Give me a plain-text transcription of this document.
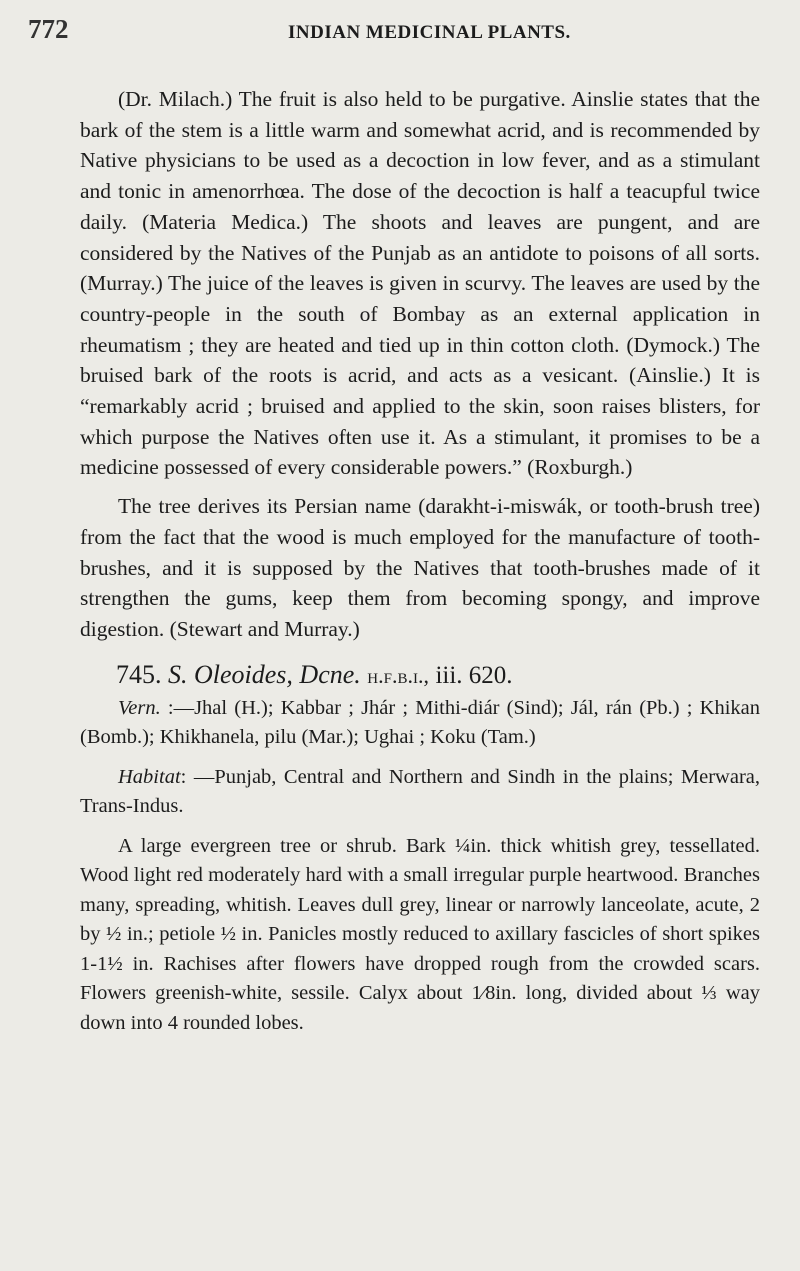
772	INDIAN MEDICINAL PLANTS.

(Dr. Milach.) The fruit is also held to be purgative. Ainslie states that the bark of the stem is a little warm and somewhat acrid, and is recommended by Native physicians to be used as a decoction in low fever, and as a stimulant and tonic in amenorrhœa. The dose of the decoction is half a teacupful twice daily. (Materia Medica.) The shoots and leaves are pungent, and are considered by the Natives of the Punjab as an antidote to poisons of all sorts. (Murray.) The juice of the leaves is given in scurvy. The leaves are used by the country-people in the south of Bombay as an external application in rheumatism ; they are heated and tied up in thin cotton cloth. (Dymock.) The bruised bark of the roots is acrid, and acts as a vesicant. (Ainslie.) It is “remarkably acrid ; bruised and applied to the skin, soon raises blisters, for which purpose the Natives often use it. As a stimulant, it promises to be a medicine possessed of every considerable powers.” (Roxburgh.)

The tree derives its Persian name (darakht-i-miswák, or tooth-brush tree) from the fact that the wood is much employed for the manufacture of tooth-brushes, and it is supposed by the Natives that tooth-brushes made of it strengthen the gums, keep them from becoming spongy, and improve digestion. (Stewart and Murray.)

745. S. Oleoides, Dcne. h.f.b.i., iii. 620.

Vern. :—Jhal (H.); Kabbar ; Jhár ; Mithi-diár (Sind); Jál, rán (Pb.) ; Khikan (Bomb.); Khikhanela, pilu (Mar.); Ughai ; Koku (Tam.)

Habitat: —Punjab, Central and Northern and Sindh in the plains; Merwara, Trans-Indus.

A large evergreen tree or shrub. Bark ¼in. thick whitish grey, tessellated. Wood light red moderately hard with a small irregular purple heartwood. Branches many, spreading, whitish. Leaves dull grey, linear or narrowly lanceolate, acute, 2 by ½ in.; petiole ½ in. Panicles mostly reduced to axillary fascicles of short spikes 1-1½ in. Rachises after flowers have dropped rough from the crowded scars. Flowers greenish-white, sessile. Calyx about 1⁄8in. long, divided about ⅓ way down into 4 rounded lobes.
